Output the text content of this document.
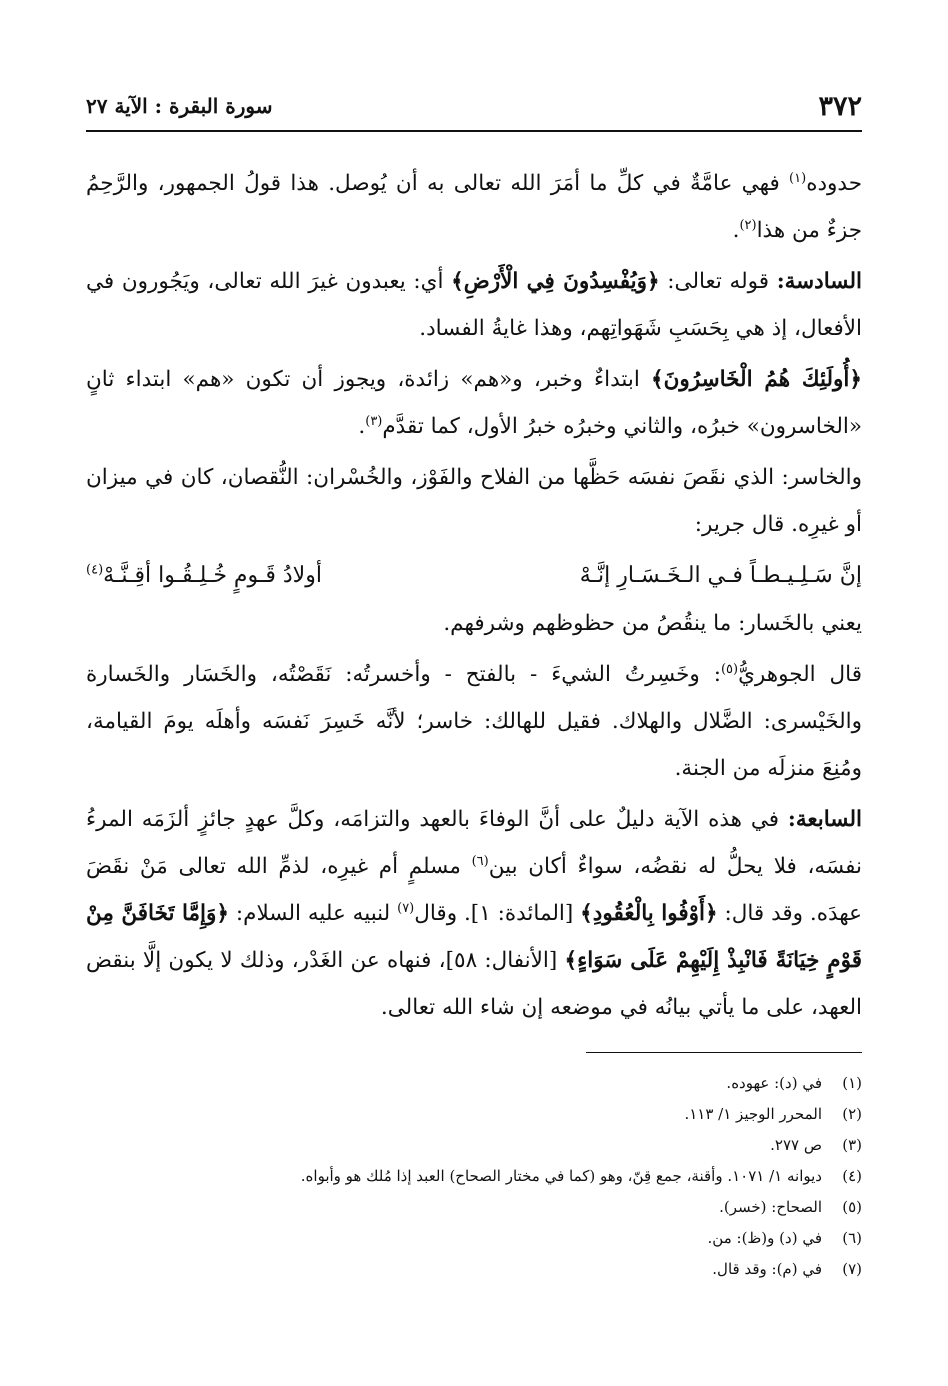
٣٧٢
سورة البقرة : الآية ٢٧

حدوده$^{(١)}$ فهي عامَّةٌ في كلِّ ما أمَرَ الله تعالى به أن يُوصل. هذا قولُ الجمهور، والرَّحِمُ جزءٌ من هذا$^{(٢)}$.

السادسة: قوله تعالى: ﴿وَيُفْسِدُونَ فِي الْأَرْضِ﴾ أي: يعبدون غيرَ الله تعالى، ويَجُورون في الأفعال، إذ هي بِحَسَبِ شَهَواتِهم، وهذا غايةُ الفساد.

﴿أُولَئِكَ هُمُ الْخَاسِرُونَ﴾ ابتداءٌ وخبر، و«هم» زائدة، ويجوز أن تكون «هم» ابتداء ثانٍ «الخاسرون» خبرُه، والثاني وخبرُه خبرُ الأول، كما تقدَّم$^{(٣)}$.

والخاسر: الذي نقَصَ نفسَه حَظَّها من الفلاح والفَوْز، والخُسْران: النُّقصان، كان في ميزان أو غيرِه. قال جرير:

إنَّ سَـلِـيـطـاً فـي الـخَـسَـارِ إنَّـهْ
أولادُ قَـومٍ خُـلِـقُـوا أقِـنَّـهْ$^{(٤)}$

يعني بالخَسار: ما ينقُصُ من حظوظهم وشرفهم.

قال الجوهريُّ$^{(٥)}$: وخَسِرتُ الشيءَ - بالفتح - وأخسرتُه: نَقَصْتُه، والخَسَار والخَسارة والخَيْسرى: الضَّلال والهلاك. فقيل للهالك: خاسر؛ لأنَّه خَسِرَ نَفسَه وأهلَه يومَ القيامة، ومُنِعَ منزلَه من الجنة.

السابعة: في هذه الآية دليلٌ على أنَّ الوفاءَ بالعهد والتزامَه، وكلَّ عهدٍ جائزٍ ألزَمَه المرءُ نفسَه، فلا يحلُّ له نقضُه، سواءٌ أكان بين$^{(٦)}$ مسلمٍ أم غيرِه، لذمِّ الله تعالى مَنْ نقَضَ عهدَه. وقد قال: ﴿أَوْفُوا بِالْعُقُودِ﴾ [المائدة: ١]. وقال$^{(٧)}$ لنبيه عليه السلام: ﴿وَإِمَّا تَخَافَنَّ مِنْ قَوْمٍ خِيَانَةً فَانْبِذْ إِلَيْهِمْ عَلَى سَوَاءٍ﴾ [الأنفال: ٥٨]، فنهاه عن الغَدْر، وذلك لا يكون إلَّا بنقض العهد، على ما يأتي بيانُه في موضعه إن شاء الله تعالى.

(١)
في (د): عهوده.
(٢)
المحرر الوجيز ١/ ١١٣.
(٣)
ص ٢٧٧.
(٤)
ديوانه ١/ ١٠٧١. وأقنة، جمع قِنّ، وهو (كما في مختار الصحاح) العبد إذا مُلك هو وأبواه.
(٥)
الصحاح: (خسر).
(٦)
في (د) و(ظ): من.
(٧)
في (م): وقد قال.
